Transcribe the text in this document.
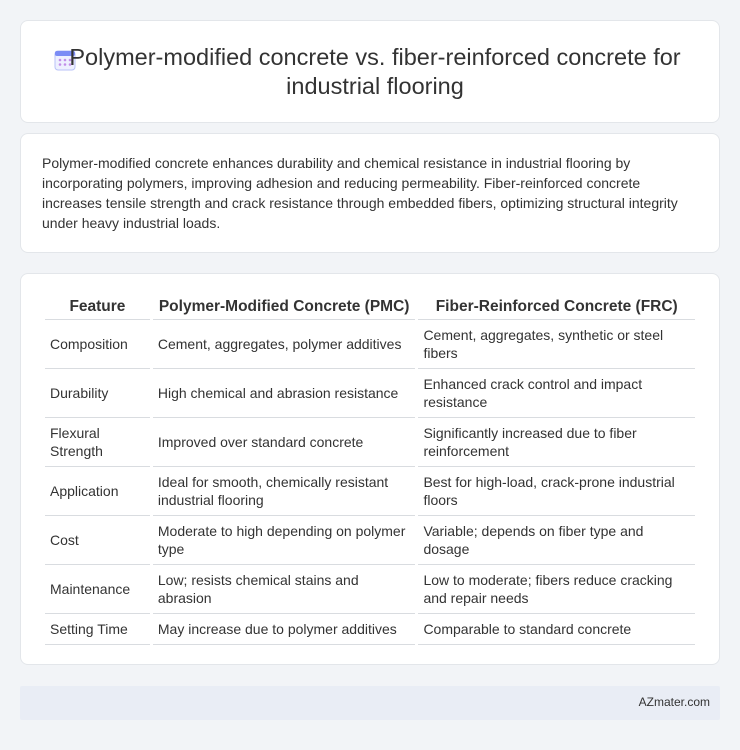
Polymer-modified concrete vs. fiber-reinforced concrete for industrial flooring

Polymer-modified concrete enhances durability and chemical resistance in industrial flooring by incorporating polymers, improving adhesion and reducing permeability. Fiber-reinforced concrete increases tensile strength and crack resistance through embedded fibers, optimizing structural integrity under heavy industrial loads.

Feature	Polymer-Modified Concrete (PMC)	Fiber-Reinforced Concrete (FRC)
Composition	Cement, aggregates, polymer additives	Cement, aggregates, synthetic or steel fibers
Durability	High chemical and abrasion resistance	Enhanced crack control and impact resistance
Flexural Strength	Improved over standard concrete	Significantly increased due to fiber reinforcement
Application	Ideal for smooth, chemically resistant industrial flooring	Best for high-load, crack-prone industrial floors
Cost	Moderate to high depending on polymer type	Variable; depends on fiber type and dosage
Maintenance	Low; resists chemical stains and abrasion	Low to moderate; fibers reduce cracking and repair needs
Setting Time	May increase due to polymer additives	Comparable to standard concrete
AZmater.com
